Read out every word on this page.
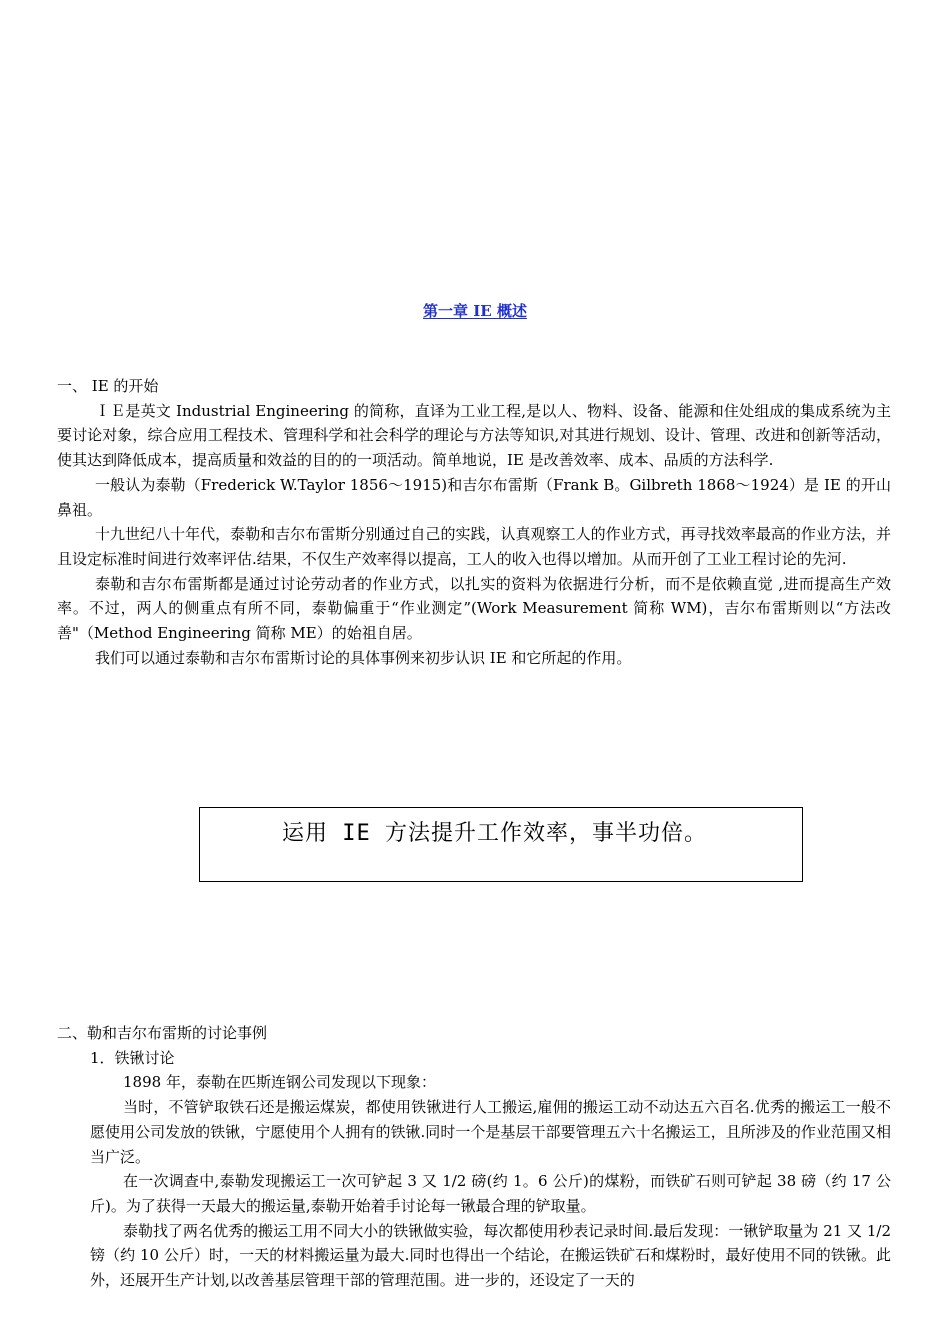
第一章 IE 概述

一、 IE 的开始

ＩＥ是英文 Industrial Engineering 的简称，直译为工业工程,是以人、物料、设备、能源和住处组成的集成系统为主要讨论对象，综合应用工程技术、管理科学和社会科学的理论与方法等知识,对其进行规划、设计、管理、改进和创新等活动，使其达到降低成本，提高质量和效益的目的的一项活动。简单地说，IE 是改善效率、成本、品质的方法科学.

一般认为泰勒（Frederick W.Taylor 1856～1915)和吉尔布雷斯（Frank B。Gilbreth 1868～1924）是 IE 的开山鼻祖。

十九世纪八十年代，泰勒和吉尔布雷斯分别通过自己的实践，认真观察工人的作业方式，再寻找效率最高的作业方法，并且设定标准时间进行效率评估.结果，不仅生产效率得以提高，工人的收入也得以增加。从而开创了工业工程讨论的先河.

泰勒和吉尔布雷斯都是通过讨论劳动者的作业方式，以扎实的资料为依据进行分析，而不是依赖直觉 ,进而提高生产效率。不过，两人的侧重点有所不同，泰勒偏重于“作业测定”(Work Measurement 简称 WM)，吉尔布雷斯则以“方法改善"（Method Engineering 简称 ME）的始祖自居。

我们可以通过泰勒和吉尔布雷斯讨论的具体事例来初步认识 IE 和它所起的作用。

运用 IE 方法提升工作效率，事半功倍。

二、勒和吉尔布雷斯的讨论事例

1．铁锹讨论

1898 年，泰勒在匹斯连钢公司发现以下现象：

当时，不管铲取铁石还是搬运煤炭，都使用铁锹进行人工搬运,雇佣的搬运工动不动达五六百名.优秀的搬运工一般不愿使用公司发放的铁锹，宁愿使用个人拥有的铁锹.同时一个是基层干部要管理五六十名搬运工，且所涉及的作业范围又相当广泛。

在一次调查中,泰勒发现搬运工一次可铲起 3 又 1/2 磅(约 1。6 公斤)的煤粉，而铁矿石则可铲起 38 磅（约 17 公斤)。为了获得一天最大的搬运量,泰勒开始着手讨论每一锹最合理的铲取量。

泰勒找了两名优秀的搬运工用不同大小的铁锹做实验，每次都使用秒表记录时间.最后发现：一锹铲取量为 21 又 1/2 镑（约 10 公斤）时，一天的材料搬运量为最大.同时也得出一个结论，在搬运铁矿石和煤粉时，最好使用不同的铁锹。此外，还展开生产计划,以改善基层管理干部的管理范围。进一步的，还设定了一天的
